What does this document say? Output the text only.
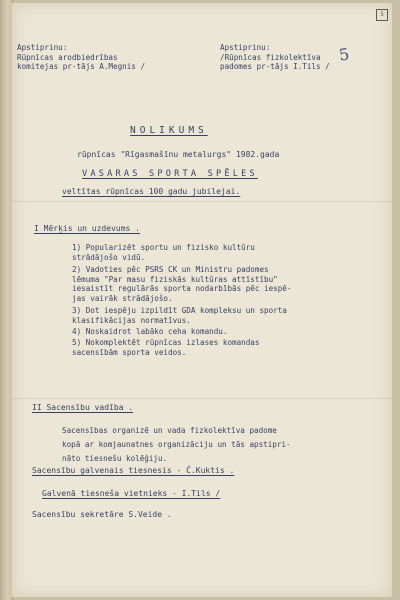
5
Apstiprinu:
Rūpnīcas arodbiedrības
komitejas pr-tājs A.Megnis /
Apstiprinu:
/Rūpnīcas fizkolektīva
padomes pr-tājs I.Tils /
5
NOLIKUMS
rūpnīcas "Rīgasmašīnu metalurgs" 1982.gada
VASARAS SPORTA SPĒLES
veltītas rūpnīcas 100 gadu jubilejai.
I Mērķis un uzdevums .
1) Popularizēt sportu un fizisko kultūru
strādājošo vidū.
2) Vadoties pēc PSRS CK un Ministru padomes
lēmuma "Par masu fiziskās kultūras attīstību"
iesaistīt regulārās sporta nodarbībās pēc iespē-
jas vairāk strādājošo.
3) Dot iespēju izpildīt GDA kompleksu un sporta
klasifikācijas normatīvus.
4) Noskaidrot labāko ceha komandu.
5) Nokomplektēt rūpnīcas izlases komandas
sacensībām sporta veidos.
II Sacensību vadība .
Sacensības organizē un vada fizkolektīva padome
kopā ar komjaunatnes organizāciju un tās apstipri-
nāto tiesnešu kolēģiju.
Sacensību galvenais tiesnesis - Č.Kuktis .
Galvenā tiesneša vietnieks - I.Tils /
Sacensību sekretāre S.Veide .
